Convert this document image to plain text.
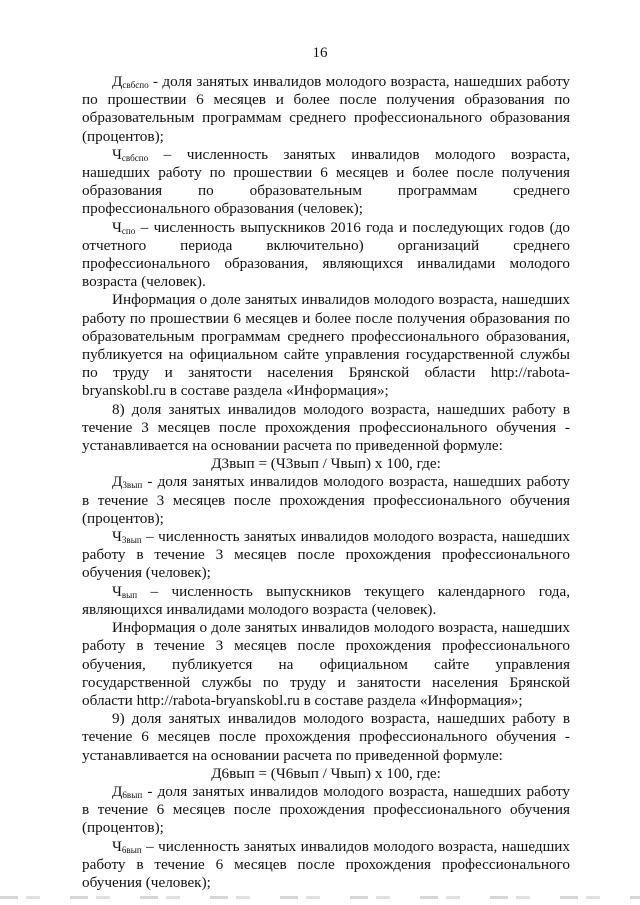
16

$Д_{свбспо}$ - доля занятых инвалидов молодого возраста, нашедших работу по прошествии 6 месяцев и более после получения образования по образовательным программам среднего профессионального образования (процентов);

$Ч_{свбспо}$ – численность занятых инвалидов молодого возраста, нашедших работу по прошествии 6 месяцев и более после получения образования по образовательным программам среднего профессионального образования (человек);

$Ч_{спо}$ – численность выпускников 2016 года и последующих годов (до отчетного периода включительно) организаций среднего профессионального образования, являющихся инвалидами молодого возраста (человек).

Информация о доле занятых инвалидов молодого возраста, нашедших работу по прошествии 6 месяцев и более после получения образования по образовательным программам среднего профессионального образования, публикуется на официальном сайте управления государственной службы по труду и занятости населения Брянской области http://rabota-bryanskobl.ru в составе раздела «Информация»;

8) доля занятых инвалидов молодого возраста, нашедших работу в течение 3 месяцев после прохождения профессионального обучения - устанавливается на основании расчета по приведенной формуле:

Д3вып = (Ч3вып / Чвып) x 100, где:

$Д_{3вып}$ - доля занятых инвалидов молодого возраста, нашедших работу в течение 3 месяцев после прохождения профессионального обучения (процентов);

$Ч_{3вып}$ – численность занятых инвалидов молодого возраста, нашедших работу в течение 3 месяцев после прохождения профессионального обучения (человек);

$Ч_{вып}$ – численность выпускников текущего календарного года, являющихся инвалидами молодого возраста (человек).

Информация о доле занятых инвалидов молодого возраста, нашедших работу в течение 3 месяцев после прохождения профессионального обучения, публикуется на официальном сайте управления государственной службы по труду и занятости населения Брянской области http://rabota-bryanskobl.ru в составе раздела «Информация»;

9) доля занятых инвалидов молодого возраста, нашедших работу в течение 6 месяцев после прохождения профессионального обучения - устанавливается на основании расчета по приведенной формуле:

Д6вып = (Ч6вып / Чвып) x 100, где:

$Д_{6вып}$ - доля занятых инвалидов молодого возраста, нашедших работу в течение 6 месяцев после прохождения профессионального обучения (процентов);

$Ч_{6вып}$ – численность занятых инвалидов молодого возраста, нашедших работу в течение 6 месяцев после прохождения профессионального обучения (человек);
